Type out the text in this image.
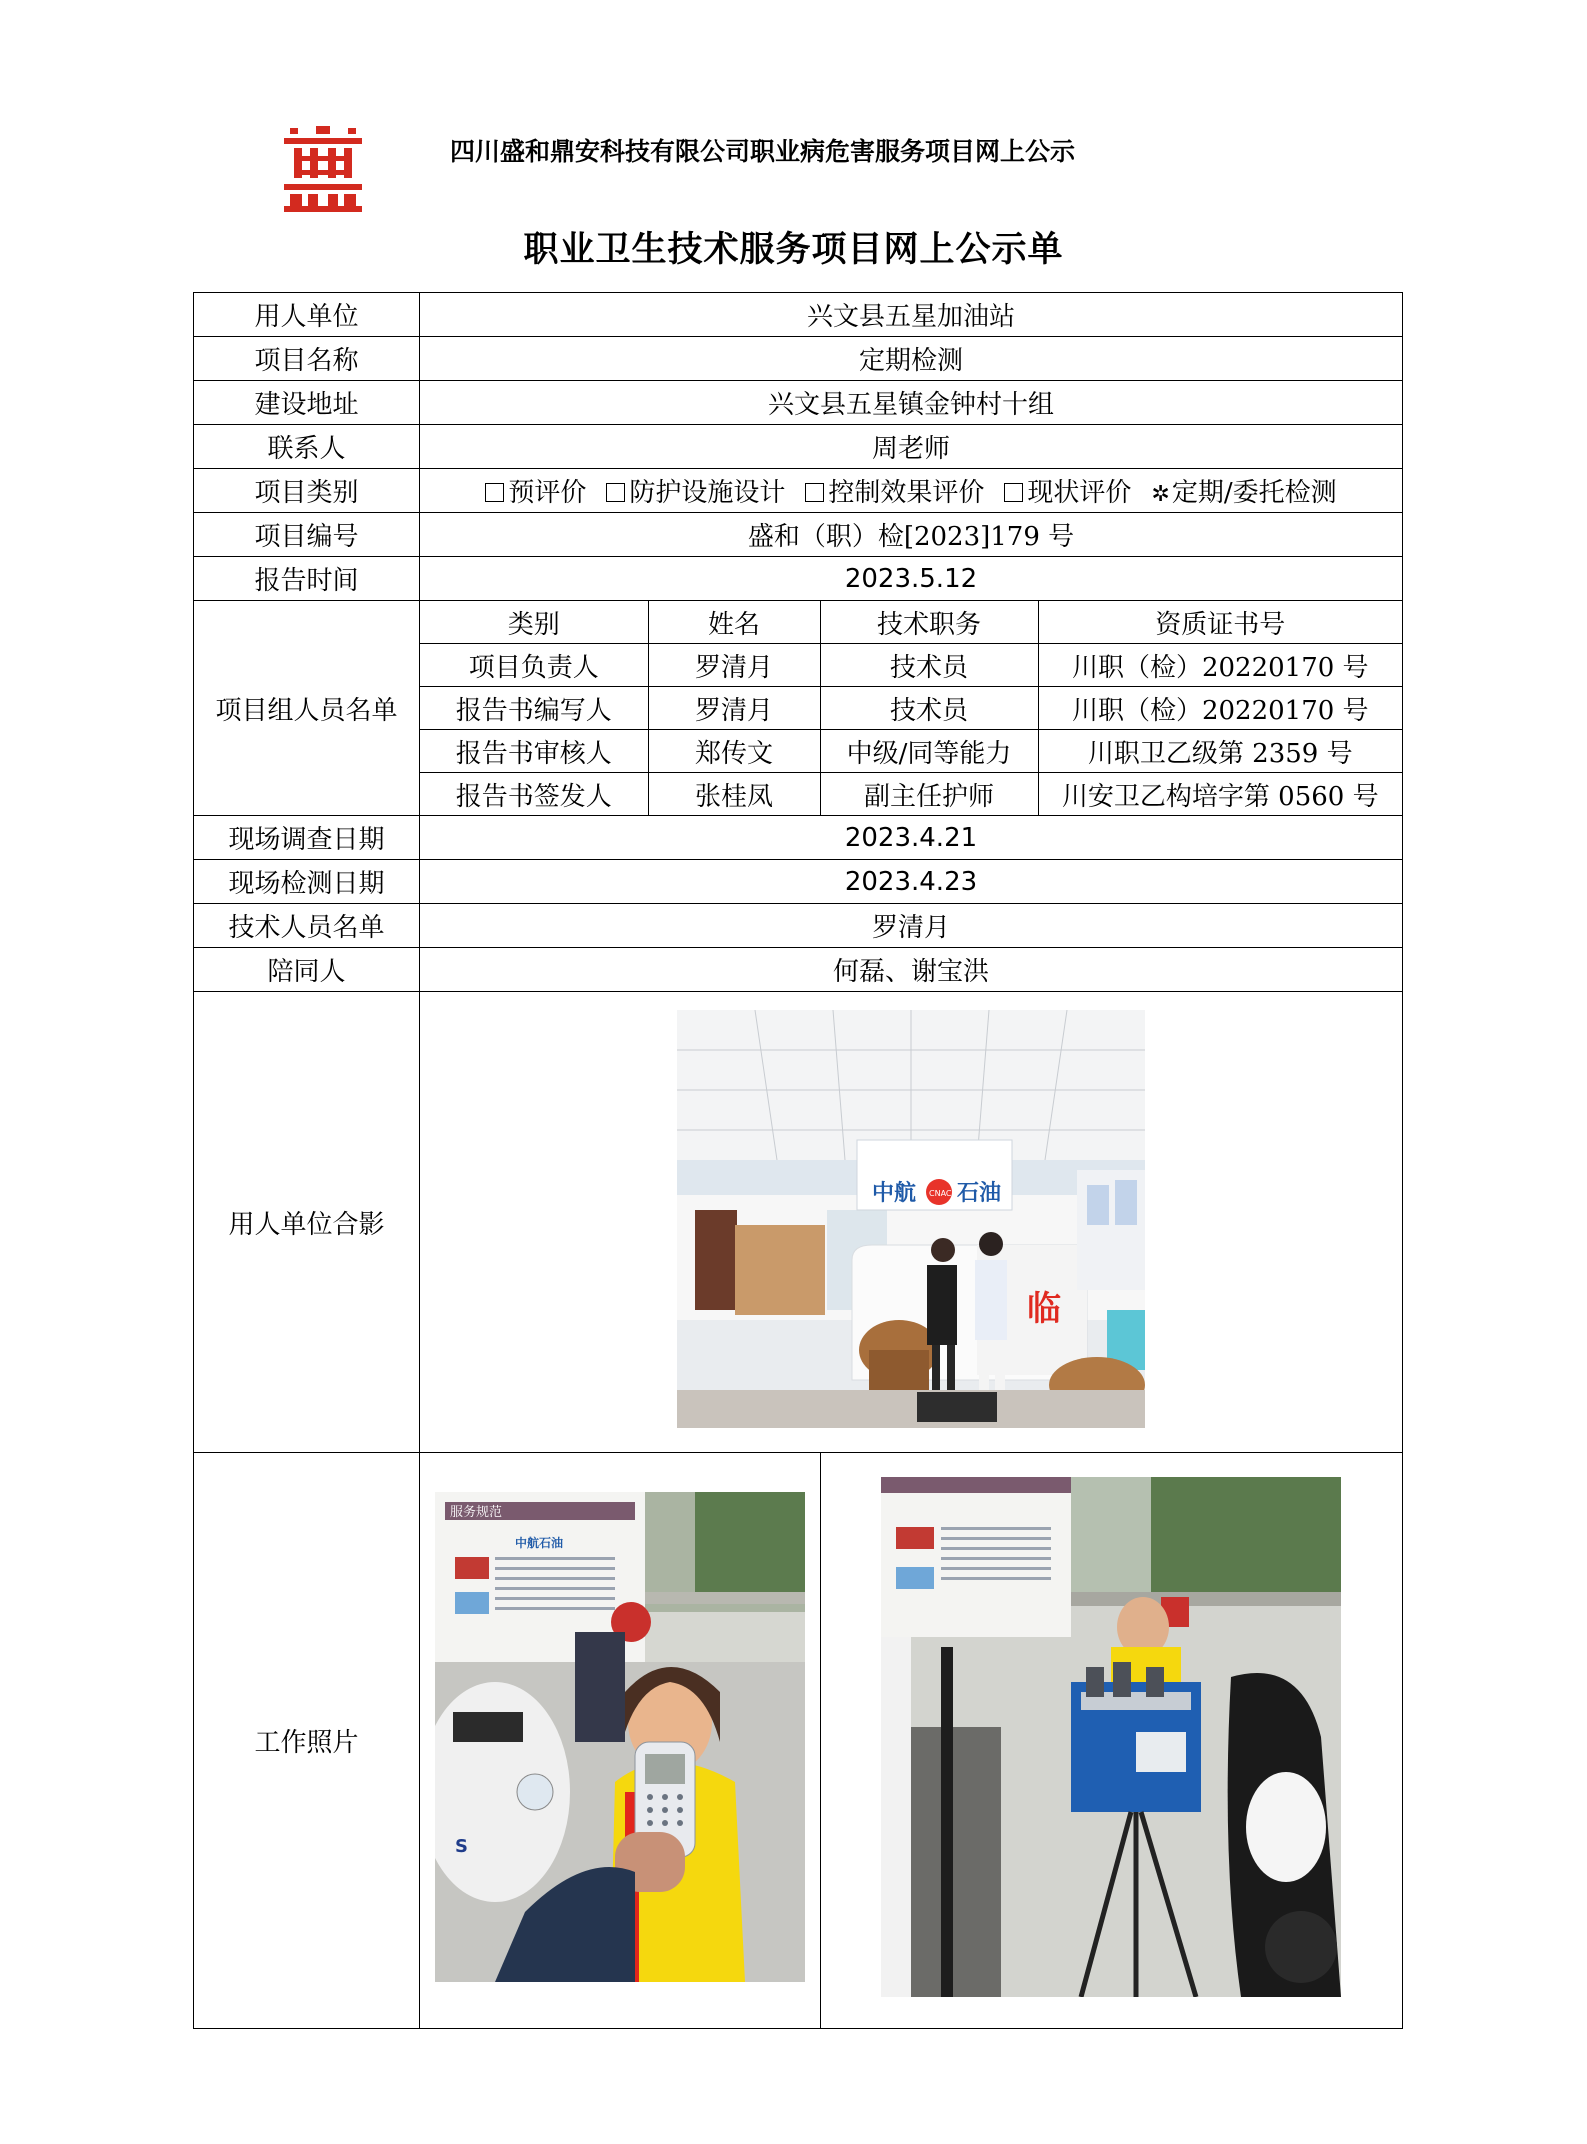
四川盛和鼎安科技有限公司职业病危害服务项目网上公示
职业卫生技术服务项目网上公示单
用人单位	兴文县五星加油站
项目名称	定期检测
建设地址	兴文县五星镇金钟村十组
联系人	周老师
项目类别	预评价 防护设施设计 控制效果评价 现状评价 ✲定期/委托检测
项目编号	盛和（职）检[2023]179 号
报告时间	2023.5.12
项目组人员名单	
类别	姓名	技术职务	资质证书号
项目负责人	罗清月	技术员	川职（检）20220170 号
报告书编写人	罗清月	技术员	川职（检）20220170 号
报告书审核人	郑传文	中级/同等能力	川职卫乙级第 2359 号
报告书签发人	张桂凤	副主任护师	川安卫乙构培字第 0560 号

现场调查日期	2023.4.21
现场检测日期	2023.4.23
技术人员名单	罗清月
陪同人	何磊、谢宝洪
用人单位合影	
中航 CNAC 石油
临

工作照片	
服务规范
中航石油
S
